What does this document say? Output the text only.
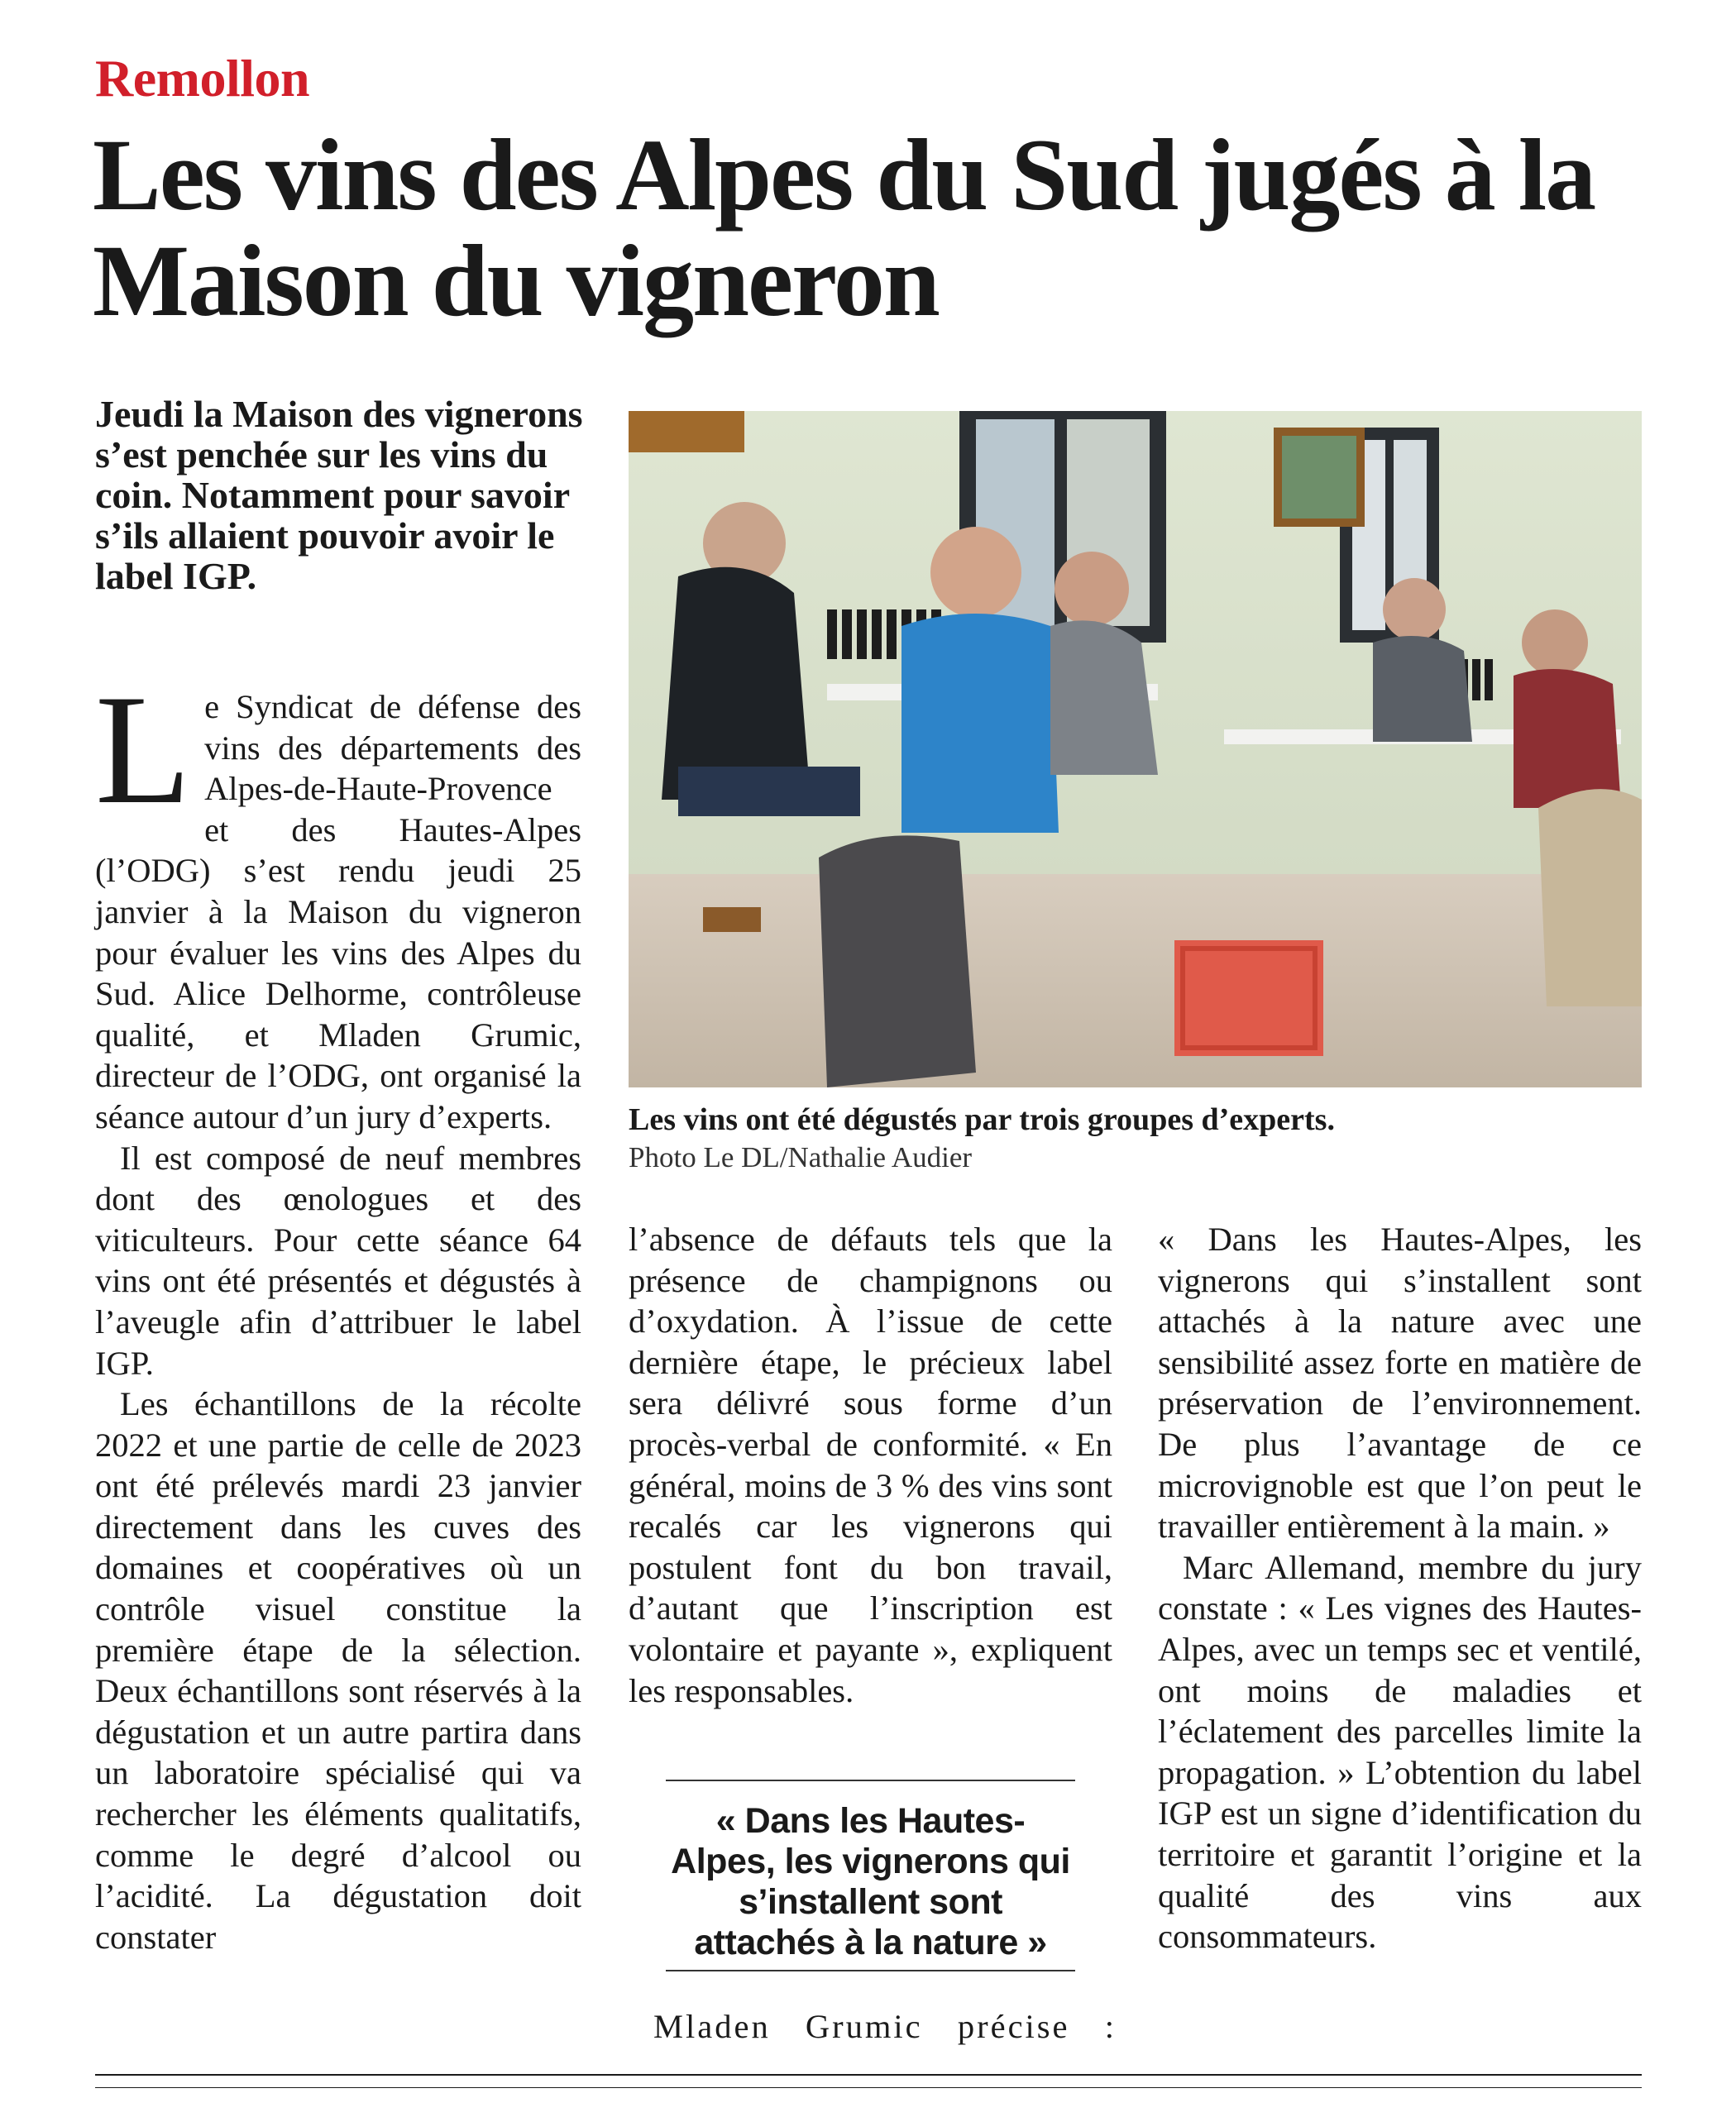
Remollon
Les vins des Alpes du Sud jugés à la Maison du vigneron

Jeudi la Maison des vignerons s’est penchée sur les vins du coin. Notamment pour savoir s’ils allaient pouvoir avoir le label IGP.

Le Syndicat de défense des vins des départements des Alpes-de-Haute-Provence et des Hautes-Alpes (l’ODG) s’est rendu jeudi 25 janvier à la Maison du vigneron pour évaluer les vins des Alpes du Sud. Alice Delhorme, contrôleuse qualité, et Mladen Grumic, directeur de l’ODG, ont organisé la séance autour d’un jury d’experts.

Il est composé de neuf membres dont des œnologues et des viticulteurs. Pour cette séance 64 vins ont été présentés et dégustés à l’aveugle afin d’attribuer le label IGP.

Les échantillons de la récolte 2022 et une partie de celle de 2023 ont été prélevés mardi 23 janvier directement dans les cuves des domaines et coopératives où un contrôle visuel constitue la première étape de la sélection. Deux échantillons sont réservés à la dégustation et un autre partira dans un laboratoire spécialisé qui va rechercher les éléments qualitatifs, comme le degré d’alcool ou l’acidité. La dégustation doit constater

Les vins ont été dégustés par trois groupes d’experts.
Photo Le DL/Nathalie Audier

l’absence de défauts tels que la présence de champignons ou d’oxydation. À l’issue de cette dernière étape, le précieux label sera délivré sous forme d’un procès-verbal de conformité. « En général, moins de 3 % des vins sont recalés car les vignerons qui postulent font du bon travail, d’autant que l’inscription est volontaire et payante », expliquent les responsables.

« Dans les Hautes-Alpes, les vignerons qui s’installent sont attachés à la nature »

Mladen Grumic précise :

« Dans les Hautes-Alpes, les vignerons qui s’installent sont attachés à la nature avec une sensibilité assez forte en matière de préservation de l’environnement. De plus l’avantage de ce microvignoble est que l’on peut le travailler entièrement à la main. »

Marc Allemand, membre du jury constate : « Les vignes des Hautes-Alpes, avec un temps sec et ventilé, ont moins de maladies et l’éclatement des parcelles limite la propagation. » L’obtention du label IGP est un signe d’identification du territoire et garantit l’origine et la qualité des vins aux consommateurs.
